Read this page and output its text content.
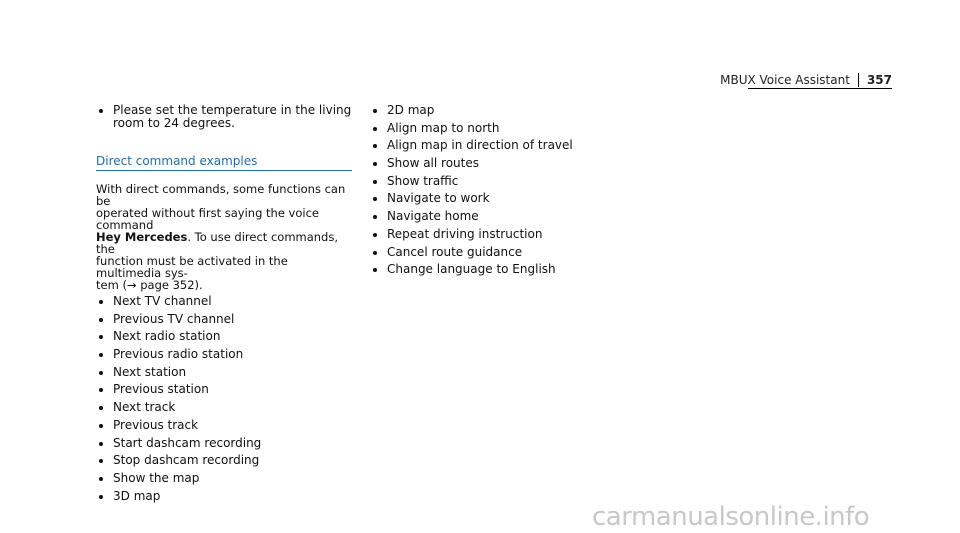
MBUX Voice Assistant	357
Please set the temperature in the living
room to 24 degrees.
Direct command examples
With direct commands, some functions can be
operated without first saying the voice command
Hey Mercedes. To use direct commands, the
function must be activated in the multimedia sys-
tem (→ page 352).
Next TV channel
Previous TV channel
Next radio station
Previous radio station
Next station
Previous station
Next track
Previous track
Start dashcam recording
Stop dashcam recording
Show the map
3D map
2D map
Align map to north
Align map in direction of travel
Show all routes
Show traffic
Navigate to work
Navigate home
Repeat driving instruction
Cancel route guidance
Change language to English
carmanualsonline.info
